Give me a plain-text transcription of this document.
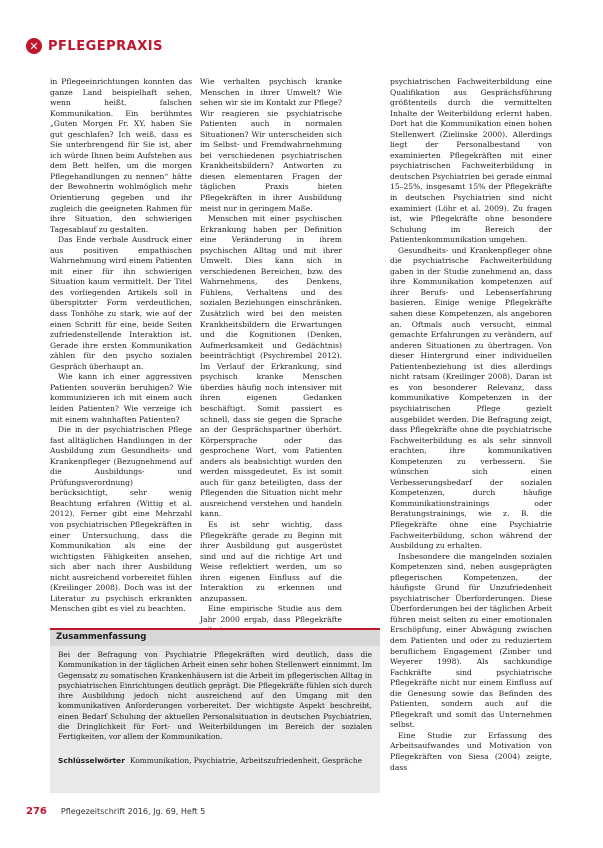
✕ PFLEGEPRAXIS

in Pflegeeinrichtungen konnten das ganze Land beispielhaft sehen, wenn heißt, falschen Kommunikation. Ein berühmtes „Guten Morgen Fr. XY, haben Sie gut geschlafen? Ich weiß, dass es Sie unterbrengend für Sie ist, aber ich würde Ihnen beim Aufstehen aus dem Bett helfen, um die morgen Pflegehandlungen zu nennen“ hätte der Bewohnerin wohlmöglich mehr Orientierung gegeben und ihr zugleich die geeigneten Rahmen für ihre Situation, den schwierigen Tagesablauf zu gestalten.

Das Ende verbale Ausdruck einer aus positiven empathischen Wahrnehmung wird einem Patienten mit einer für ihn schwierigen Situation kaum vermittelt. Der Titel des vorliegenden Artikels soll in überspitzter Form verdeutlichen, dass Tonhöhe zu stark, wie auf der einen Schritt für eine, beide Seiten zufriedenstellende Interaktion ist. Gerade ihre ersten Kommunikation zählen für den psycho sozialen Gespräch überhaupt an.

Wie kann ich einer aggressiven Patienten souverän beruhigen? Wie kommunizieren ich mit einem auch leiden Patienten? Wie verzeige ich mit einem wahnhaften Patienten?

Die in der psychiatrischen Pflege fast alltäglichen Handlungen in der Ausbildung zum Gesundheits- und Krankenpfleger (Bezugnehmend auf die Ausbildungs- und Prüfungsverordnung) berücksichtigt, sehr wenig Beachtung erfahren (Wittig et al. 2012). Ferner gibt eine Mehrzahl von psychiatrischen Pflegekräften in einer Untersuchung, dass die Kommunikation als eine der wichtigsten Fähigkeiten ansehen, sich aber nach ihrer Ausbildung nicht ausreichend vorbereitet fühlen (Kreilinger 2008). Doch was ist der Literatur zu psychisch erkrankten Menschen gibt es viel zu beachten.

Wie verhalten psychisch kranke Menschen in ihrer Umwelt? Wie sehen wir sie im Kontakt zur Pflege? Wir reagieren sie psychiatrische Patienten auch in normalen Situationen? Wir unterscheiden sich im Selbst- und Fremdwahrnehmung bei verschiedenen psychiatrischen Krankheitsbildern? Antworten zu diesen elementaren Fragen der täglichen Praxis bieten Pflegekräften in ihrer Ausbildung meist nur in geringem Maße.

Menschen mit einer psychischen Erkrankung haben per Definition eine Veränderung in ihrem psychischen Alltag und mit ihrer Umwelt. Dies kann sich in verschiedenen Bereichen, bzw. des Wahrnehmens, des Denkens, Fühlens, Verhaltens und des sozialen Beziehungen einschränken. Zusätzlich wird bei den meisten Krankheitsbildern die Erwartungen und die Kognitionen (Denken, Aufmerksamkeit und Gedächtnis) beeinträchtigt (Psychrembel 2012). Im Verlauf der Erkrankung, sind psychisch kranke Menschen überdies häufig noch intensiver mit ihren eigenen Gedanken beschäftigt. Somit passiert es schnell, dass sie gegen die Sprache an der Gesprächspartner überhört. Körpersprache oder das gesprochene Wort, vom Patienten anders als beabsichtigt wurden den werden missgedeutet. Es ist somit auch für ganz beteiligten, dass der Pflegenden die Situation nicht mehr ausreichend verstehen und handeln kann.

Es ist sehr wichtig, dass Pflegekräfte gerade zu Beginn mit ihrer Ausbildung gut ausgerüstet sind und auf die richtige Art und Weise reflektiert werden, um so ihren eigenen Einfluss auf die Interaktion zu erkennen und anzupassen.

Eine empirische Studie aus dem Jahr 2000 ergab, dass Pflegekräfte

psychiatrischen Fachweiterbildung eine Qualifikation aus Gesprächsführung größtenteils durch die vermittelten Inhalte der Weiterbildung erlernt haben. Dort hat die Kommunikation einen hohen Stellenwert (Zielinske 2000). Allerdings liegt der Personalbestand von examinierten Pflegekräften mit einer psychiatrischen Fachweiterbildung in deutschen Psychiatrien bei gerade einmal 15–25%, insgesamt 15% der Pflegekräfte in deutschen Psychiatrien sind nicht examiniert (Löhr et al. 2009). Zu fragen ist, wie Pflegekräfte ohne besondere Schulung im Bereich der Patientenkommunikation umgehen.

Gesundheits- und Krankenpfleger ohne die psychiatrische Fachweiterbildung gaben in der Studie zunehmend an, dass ihre Kommunikation kompetenzen auf ihrer Berufs- und Lebenserfahrung basieren. Einige wenige Pflegekräfte sahen diese Kompetenzen, als angeboren an. Oftmals auch versucht, einmal gemachte Erfahrungen zu verändern, auf anderen Situationen zu übertragen. Von dieser Hintergrund einer individuellen Patientenbeziehung ist dies allerdings nicht ratsam (Kreilinger 2008). Daran ist es von besonderer Relevanz, dass kommunikative Kompetenzen in der psychiatrischen Pflege gezielt ausgebildet werden. Die Befragung zeigt, dass Pflegekräfte ohne die psychiatrische Fachweiterbildung es als sehr sinnvoll erachten, ihre kommunikativen Kompetenzen zu verbessern. Sie wünschen sich einen Verbesserungsbedarf der sozialen Kompetenzen, durch häufige Kommunikationstrainings oder Beratungstrainings, wie z. B. die Pflegekräfte ohne eine Psychiatrie Fachweiterbildung, schon während der Ausbildung zu erhalten.

Insbesondere die mangelnden sozialen Kompetenzen sind, neben ausgeprägten pflegerischen Kompetenzen, der häufigste Grund für Unzufriedenheit psychiatrischer Überforderungen. Diese Überforderungen bei der täglichen Arbeit führen meist selten zu einer emotionalen Erschöpfung, einer Abwägung zwischen dem Patienten und oder zu reduziertem beruflichem Engagement (Zimber und Weyerer 1998). Als sachkundige Fachkräfte sind psychiatrische Pflegekräfte nicht nur einem Einfluss auf die Genesung sowie das Befinden des Patienten, sondern auch auf die Pflegekraft und somit das Unternehmen selbst.

Eine Studie zur Erfassung des Arbeitsaufwandes und Motivation von Pflegekräften von Siesa (2004) zeigte, dass

Zusammenfassung
Bei der Befragung von Psychiatrie Pflegekräften wird deutlich, dass die Kommunikation in der täglichen Arbeit einen sehr hohen Stellenwert einnimmt. Im Gegensatz zu somatischen Krankenhäusern ist die Arbeit im pflegerischen Alltag in psychiatrischen Einrichtungen deutlich geprägt. Die Pflegekräfte fühlen sich durch ihre Ausbildung jedoch nicht ausreichend auf den Umgang mit den kommunikativen Anforderungen vorbereitet. Der wichtigste Aspekt beschreibt, einen Bedarf Schulung der aktuellen Personalsituation in deutschen Psychiatrien, die Dringlichkeit für Fort- und Weiterbildungen im Bereich der sozialen Fertigkeiten, vor allem der Kommunikation.
Schlüsselwörter Kommunikation, Psychiatrie, Arbeitszufriedenheit, Gespräche
276 Pflegezeitschrift 2016, Jg. 69, Heft 5
